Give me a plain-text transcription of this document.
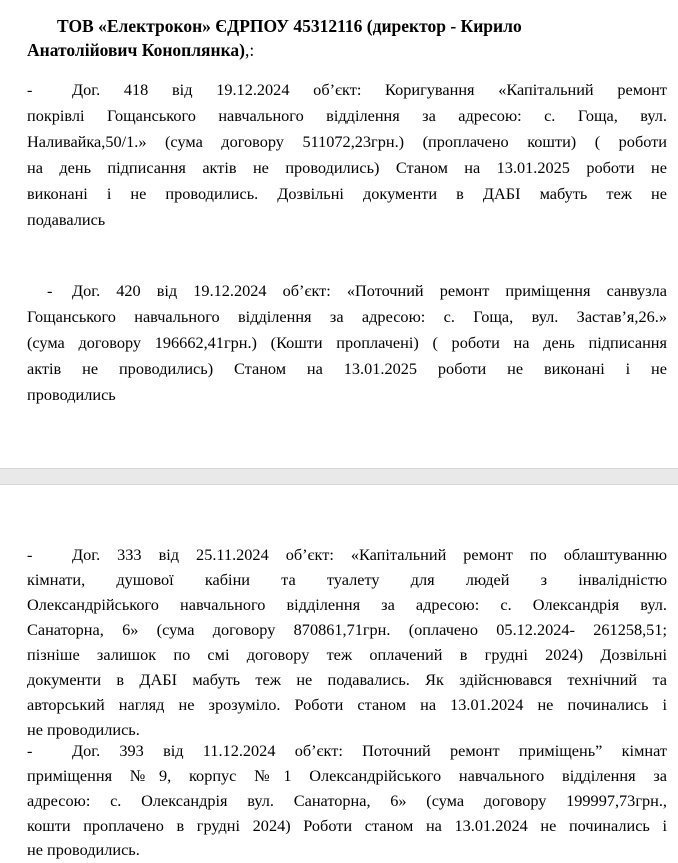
ТОВ «Електрокон» ЄДРПОУ 45312116 (директор - Кирило
Анатолійович Коноплянка),:
- Дог. 418 від 19.12.2024 об’єкт: Коригування «Капітальний ремонт
покрівлі Гощанського навчального відділення за адресою: с. Гоща, вул.
Наливайка,50/1.» (сума договору 511072,23грн.) (проплачено кошти) ( роботи
на день підписання актів не проводились) Станом на 13.01.2025 роботи не
виконані і не проводились. Дозвільні документи в ДАБІ мабуть теж не
подавались
- Дог. 420 від 19.12.2024 об’єкт: «Поточний ремонт приміщення санвузла
Гощанського навчального відділення за адресою: с. Гоща, вул. Застав’я,26.»
(сума договору 196662,41грн.) (Кошти проплачені) ( роботи на день підписання
актів не проводились) Станом на 13.01.2025 роботи не виконані і не
проводились
- Дог. 333 від 25.11.2024 об’єкт: «Капітальний ремонт по облаштуванню
кімнати, душової кабіни та туалету для людей з інвалідністю
Олександрійського навчального відділення за адресою: с. Олександрія вул.
Санаторна, 6» (сума договору 870861,71грн. (оплачено 05.12.2024- 261258,51;
пізніше залишок по смі договору теж оплачений в грудні 2024) Дозвільні
документи в ДАБІ мабуть теж не подавались. Як здійснювався технічний та
авторський нагляд не зрозуміло. Роботи станом на 13.01.2024 не починались і
не проводились.
- Дог. 393 від 11.12.2024 об’єкт: Поточний ремонт приміщень” кімнат
приміщення №9, корпус №1 Олександрійського навчального відділення за
адресою: с. Олександрія вул. Санаторна, 6» (сума договору 199997,73грн.,
кошти проплачено в грудні 2024) Роботи станом на 13.01.2024 не починались і
не проводились.
